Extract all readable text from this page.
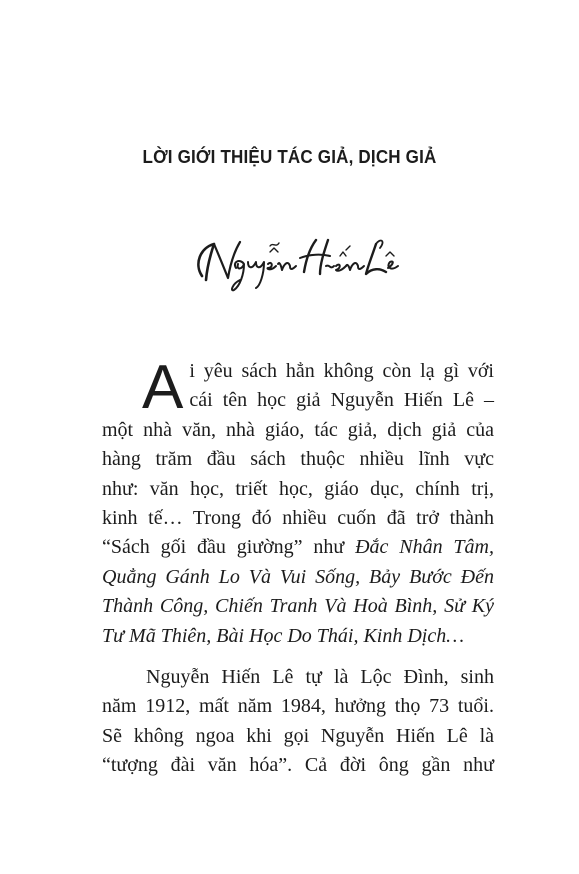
LỜI GIỚI THIỆU TÁC GIẢ, DỊCH GIẢ
A i yêu sách hẳn không còn lạ gì với
cái tên học giả Nguyễn Hiến Lê –
một nhà văn, nhà giáo, tác giả, dịch giả của
hàng trăm đầu sách thuộc nhiều lĩnh vực
như: văn học, triết học, giáo dục, chính trị,
kinh tế… Trong đó nhiều cuốn đã trở thành
“Sách gối đầu giường” như Đắc Nhân Tâm,
Quẳng Gánh Lo Và Vui Sống, Bảy Bước Đến
Thành Công, Chiến Tranh Và Hoà Bình, Sử Ký
Tư Mã Thiên, Bài Học Do Thái, Kinh Dịch…
Nguyễn Hiến Lê tự là Lộc Đình, sinh
năm 1912, mất năm 1984, hưởng thọ 73 tuổi.
Sẽ không ngoa khi gọi Nguyễn Hiến Lê là
“tượng đài văn hóa”. Cả đời ông gần như
